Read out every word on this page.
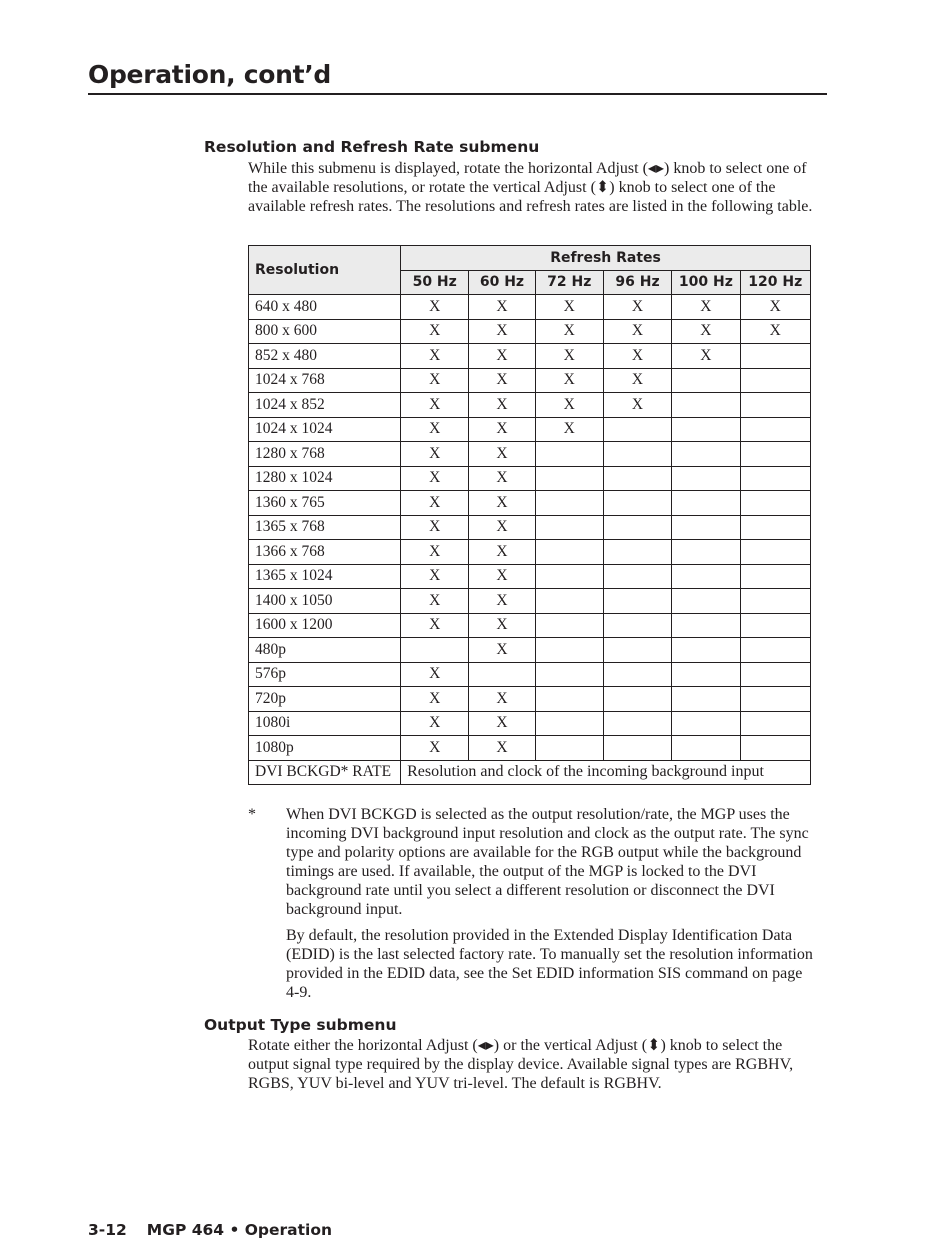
Operation, cont’d
Resolution and Refresh Rate submenu
While this submenu is displayed, rotate the horizontal Adjust (◂▸) knob to select one of the available resolutions, or rotate the vertical Adjust (⬍) knob to select one of the available refresh rates. The resolutions and refresh rates are listed in the following table.
Resolution	Refresh Rates					
	50 Hz	60 Hz	72 Hz	96 Hz	100 Hz	120 Hz
640 x 480	X	X	X	X	X	X
800 x 600	X	X	X	X	X	X
852 x 480	X	X	X	X	X	
1024 x 768	X	X	X	X		
1024 x 852	X	X	X	X		
1024 x 1024	X	X	X			
1280 x 768	X	X				
1280 x 1024	X	X				
1360 x 765	X	X				
1365 x 768	X	X				
1366 x 768	X	X				
1365 x 1024	X	X				
1400 x 1050	X	X				
1600 x 1200	X	X				
480p		X				
576p	X					
720p	X	X				
1080i	X	X				
1080p	X	X				
DVI BCKGD* RATE	Resolution and clock of the incoming background input					
* When DVI BCKGD is selected as the output resolution/rate, the MGP uses the incoming DVI background input resolution and clock as the output rate. The sync type and polarity options are available for the RGB output while the background timings are used. If available, the output of the MGP is locked to the DVI background rate until you select a different resolution or disconnect the DVI background input.
By default, the resolution provided in the Extended Display Identification Data (EDID) is the last selected factory rate. To manually set the resolution information provided in the EDID data, see the Set EDID information SIS command on page 4-9.
Output Type submenu
Rotate either the horizontal Adjust (◂▸) or the vertical Adjust (⬍) knob to select the output signal type required by the display device. Available signal types are RGBHV, RGBS, YUV bi-level and YUV tri-level. The default is RGBHV.
3-12 MGP 464 • Operation
